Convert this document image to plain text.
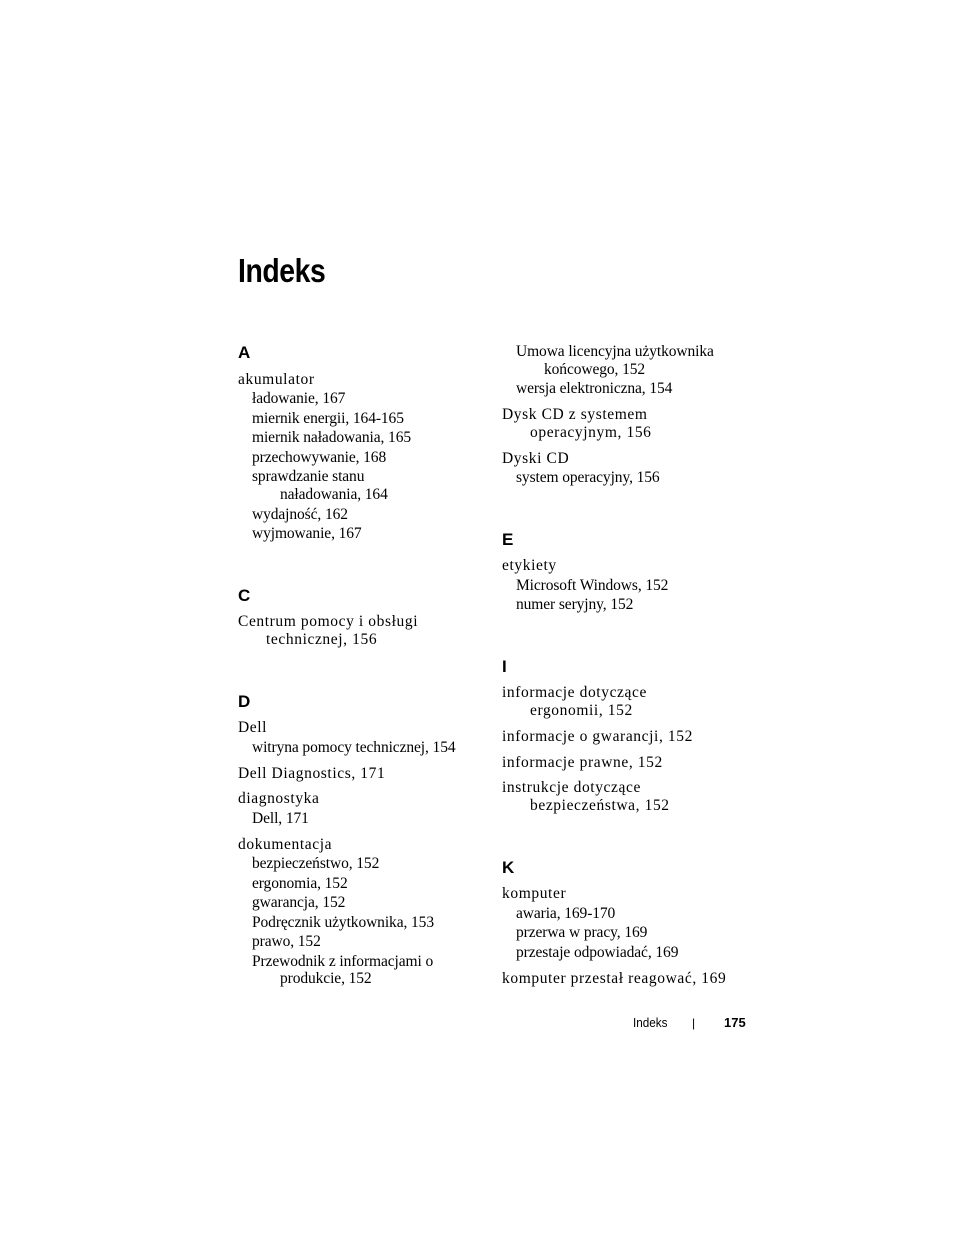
Indeks
A
akumulator
ładowanie, 167
miernik energii, 164-165
miernik naładowania, 165
przechowywanie, 168
sprawdzanie stanu
naładowania, 164
wydajność, 162
wyjmowanie, 167
C
Centrum pomocy i obsługi
technicznej, 156
D
Dell
witryna pomocy technicznej, 154
Dell Diagnostics, 171
diagnostyka
Dell, 171
dokumentacja
bezpieczeństwo, 152
ergonomia, 152
gwarancja, 152
Podręcznik użytkownika, 153
prawo, 152
Przewodnik z informacjami o
produkcie, 152
Umowa licencyjna użytkownika
końcowego, 152
wersja elektroniczna, 154
Dysk CD z systemem
operacyjnym, 156
Dyski CD
system operacyjny, 156
E
etykiety
Microsoft Windows, 152
numer seryjny, 152
I
informacje dotyczące
ergonomii, 152
informacje o gwarancji, 152
informacje prawne, 152
instrukcje dotyczące
bezpieczeństwa, 152
K
komputer
awaria, 169-170
przerwa w pracy, 169
przestaje odpowiadać, 169
komputer przestał reagować, 169
Indeks | 175
